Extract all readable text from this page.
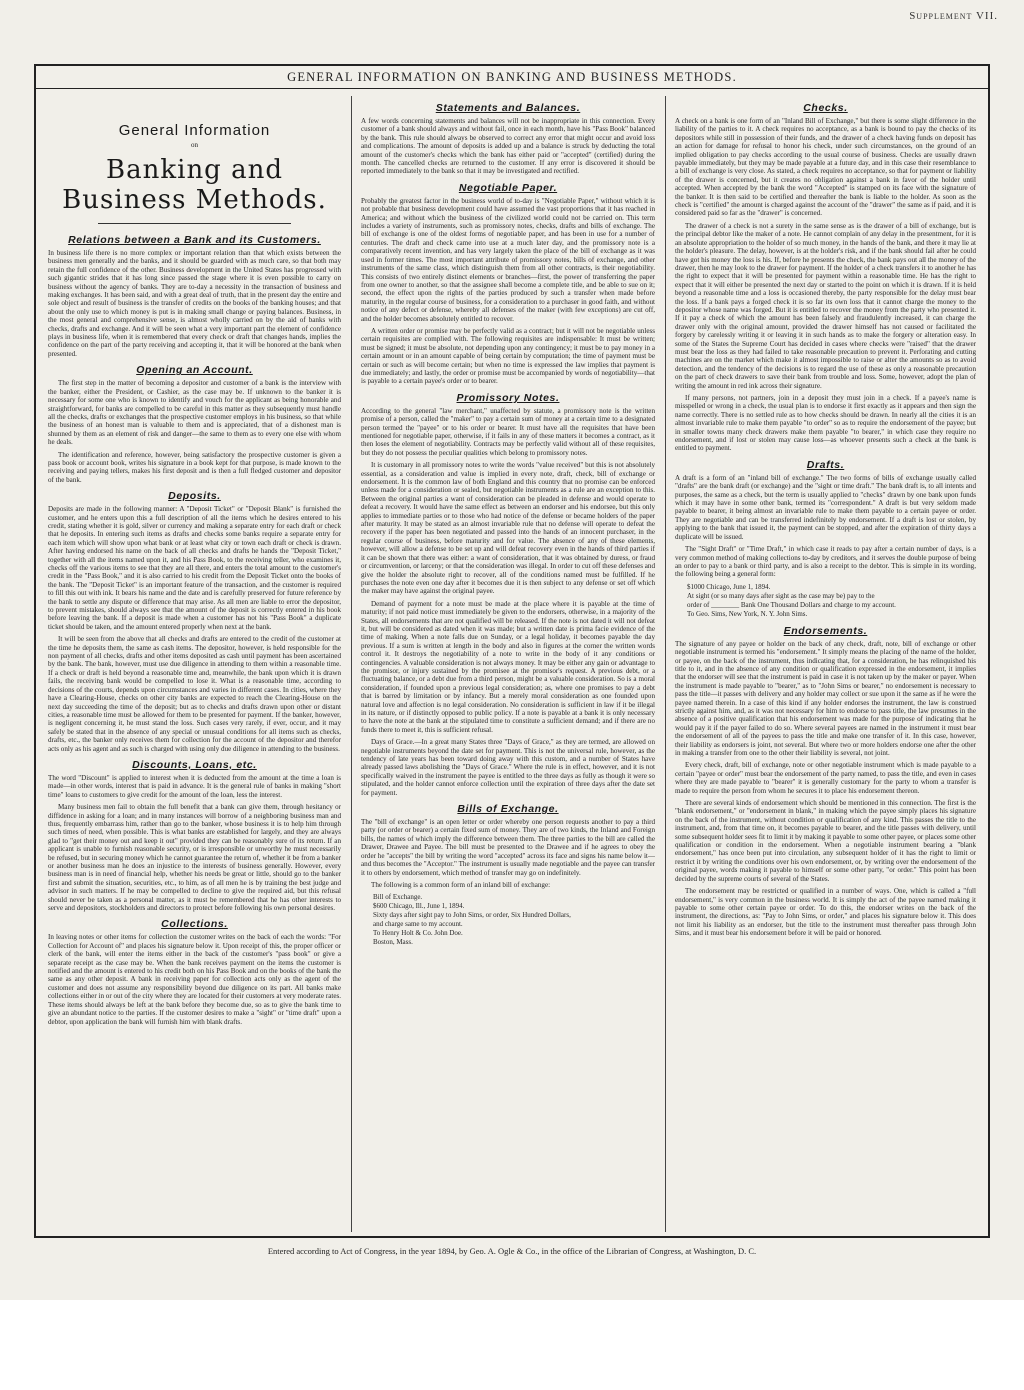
Supplement VII.
GENERAL INFORMATION ON BANKING AND BUSINESS METHODS.
General Information
on
Banking and Business Methods.
Relations between a Bank and its Customers.

In business life there is no more complex or important relation than that which exists between the business men generally and the banks, and it should be guarded with as much care, so that both may retain the full confidence of the other. Business development in the United States has progressed with such gigantic strides that it has long since passed the stage where it is even possible to carry on business without the agency of banks. They are to-day a necessity in the transaction of business and making exchanges. It has been said, and with a great deal of truth, that in the present day the entire and sole object and result of business is the transfer of credits on the books of the banking houses; and that about the only use to which money is put is in making small change or paying balances. Business, in the most general and comprehensive sense, is almost wholly carried on by the aid of banks with checks, drafts and exchange. And it will be seen what a very important part the element of confidence plays in business life, when it is remembered that every check or draft that changes hands, implies the confidence on the part of the party receiving and accepting it, that it will be honored at the bank when presented.

Opening an Account.

The first step in the matter of becoming a depositor and customer of a bank is the interview with the banker, either the President, or Cashier, as the case may be. If unknown to the banker it is necessary for some one who is known to identify and vouch for the applicant as being honorable and straightforward, for banks are compelled to be careful in this matter as they subsequently must handle all the checks, drafts or exchanges that the prospective customer employs in his business, so that while the business of an honest man is valuable to them and is appreciated, that of a dishonest man is shunned by them as an element of risk and danger—the same to them as to every one else with whom he deals.

The identification and reference, however, being satisfactory the prospective customer is given a pass book or account book, writes his signature in a book kept for that purpose, is made known to the receiving and paying tellers, makes his first deposit and is then a full fledged customer and depositor of the bank.

Deposits.

Deposits are made in the following manner: A "Deposit Ticket" or "Deposit Blank" is furnished the customer, and he enters upon this a full description of all the items which he desires entered to his credit, stating whether it is gold, silver or currency and making a separate entry for each draft or check that he deposits. In entering such items as drafts and checks some banks require a separate entry for each item which will show upon what bank or at least what city or town each draft or check is drawn. After having endorsed his name on the back of all checks and drafts he hands the "Deposit Ticket," together with all the items named upon it, and his Pass Book, to the receiving teller, who examines it, checks off the various items to see that they are all there, and enters the total amount to the customer's credit in the "Pass Book," and it is also carried to his credit from the Deposit Ticket onto the books of the bank. The "Deposit Ticket" is an important feature of the transaction, and the customer is required to fill this out with ink. It bears his name and the date and is carefully preserved for future reference by the bank to settle any dispute or difference that may arise. As all men are liable to error the depositor, to prevent mistakes, should always see that the amount of the deposit is correctly entered in his book before leaving the bank. If a deposit is made when a customer has not his "Pass Book" a duplicate ticket should be taken, and the amount entered properly when next at the bank.

It will be seen from the above that all checks and drafts are entered to the credit of the customer at the time he deposits them, the same as cash items. The depositor, however, is held responsible for the non payment of all checks, drafts and other items deposited as cash until payment has been ascertained by the bank. The bank, however, must use due diligence in attending to them within a reasonable time. If a check or draft is held beyond a reasonable time and, meanwhile, the bank upon which it is drawn fails, the receiving bank would be compelled to lose it. What is a reasonable time, according to decisions of the courts, depends upon circumstances and varies in different cases. In cities, where they have a Clearing-House, checks on other city banks are expected to reach the Clearing-House on the next day succeeding the time of the deposit; but as to checks and drafts drawn upon other or distant cities, a reasonable time must be allowed for them to be presented for payment. If the banker, however, is negligent concerning it, he must stand the loss. Such cases very rarely, if ever, occur, and it may safely be stated that in the absence of any special or unusual conditions for all items such as checks, drafts, etc., the banker only receives them for collection for the account of the depositor and therefor acts only as his agent and as such is charged with using only due diligence in attending to the business.

Discounts, Loans, etc.

The word "Discount" is applied to interest when it is deducted from the amount at the time a loan is made—in other words, interest that is paid in advance. It is the general rule of banks in making "short time" loans to customers to give credit for the amount of the loan, less the interest.

Many business men fail to obtain the full benefit that a bank can give them, through hesitancy or diffidence in asking for a loan; and in many instances will borrow of a neighboring business man and thus, frequently embarrass him, rather than go to the banker, whose business it is to help him through such times of need, when possible. This is what banks are established for largely, and they are always glad to "get their money out and keep it out" provided they can be reasonably sure of its return. If an applicant is unable to furnish reasonable security, or is irresponsible or unworthy he must necessarily be refused, but in securing money which he cannot guarantee the return of, whether it be from a banker or another business man he does an injustice to the interests of business generally. However, every business man is in need of financial help, whether his needs be great or little, should go to the banker first and submit the situation, securities, etc., to him, as of all men he is by training the best judge and advisor in such matters. If he may be compelled to decline to give the required aid, but this refusal should never be taken as a personal matter, as it must be remembered that he has other interests to serve and depositors, stockholders and directors to protect before following his own personal desires.

Collections.

In leaving notes or other items for collection the customer writes on the back of each the words: "For Collection for Account of" and places his signature below it. Upon receipt of this, the proper officer or clerk of the bank, will enter the items either in the back of the customer's "pass book" or give a separate receipt as the case may be. When the bank receives payment on the items the customer is notified and the amount is entered to his credit both on his Pass Book and on the books of the bank the same as any other deposit. A bank in receiving paper for collection acts only as the agent of the customer and does not assume any responsibility beyond due diligence on its part. All banks make collections either in or out of the city where they are located for their customers at very moderate rates. These items should always be left at the bank before they become due, so as to give the bank time to give an abundant notice to the parties. If the customer desires to make a "sight" or "time draft" upon a debtor, upon application the bank will furnish him with blank drafts.

Statements and Balances.

A few words concerning statements and balances will not be inappropriate in this connection. Every customer of a bank should always and without fail, once in each month, have his "Pass Book" balanced by the bank. This rule should always be observed to correct any error that might occur and avoid loss and complications. The amount of deposits is added up and a balance is struck by deducting the total amount of the customer's checks which the bank has either paid or "accepted" (certified) during the month. The cancelled checks are returned to the customer. If any error is discovered it should be reported immediately to the bank so that it may be investigated and rectified.

Negotiable Paper.

Probably the greatest factor in the business world of to-day is "Negotiable Paper," without which it is not probable that business development could have assumed the vast proportions that it has reached in America; and without which the business of the civilized world could not be carried on. This term includes a variety of instruments, such as promissory notes, checks, drafts and bills of exchange. The bill of exchange is one of the oldest forms of negotiable paper, and has been in use for a number of centuries. The draft and check came into use at a much later day, and the promissory note is a comparatively recent invention, and has very largely taken the place of the bill of exchange as it was used in former times. The most important attribute of promissory notes, bills of exchange, and other instruments of the same class, which distinguish them from all other contracts, is their negotiability. This consists of two entirely distinct elements or branches—first, the power of transferring the paper from one owner to another, so that the assignee shall become a complete title, and be able to sue on it; second, the effect upon the rights of the parties produced by such a transfer when made before maturity, in the regular course of business, for a consideration to a purchaser in good faith, and without notice of any defect or defense, whereby all defenses of the maker (with few exceptions) are cut off, and the holder becomes absolutely entitled to recover.

A written order or promise may be perfectly valid as a contract; but it will not be negotiable unless certain requisites are complied with. The following requisites are indispensable: It must be written; must be signed; it must be absolute, not depending upon any contingency; it must be to pay money in a certain amount or in an amount capable of being certain by computation; the time of payment must be certain or such as will become certain; but when no time is expressed the law implies that payment is due immediately; and lastly, the order or promise must be accompanied by words of negotiability—that is payable to a certain payee's order or to bearer.

Promissory Notes.

According to the general "law merchant," unaffected by statute, a promissory note is the written promise of a person, called the "maker" to pay a certain sum of money at a certain time to a designated person termed the "payee" or to his order or bearer. It must have all the requisites that have been mentioned for negotiable paper, otherwise, if it fails in any of these matters it becomes a contract, as it then loses the element of negotiability. Contracts may be perfectly valid without all of these requisites, but they do not possess the peculiar qualities which belong to promissory notes.

It is customary in all promissory notes to write the words "value received" but this is not absolutely essential, as a consideration and value is implied in every note, draft, check, bill of exchange or endorsement. It is the common law of both England and this country that no promise can be enforced unless made for a consideration or sealed, but negotiable instruments as a rule are an exception to this. Between the original parties a want of consideration can be pleaded in defense and would operate to defeat a recovery. It would have the same effect as between an endorser and his endorsee, but this only applies to immediate parties or to those who had notice of the defense or became holders of the paper after maturity. It may be stated as an almost invariable rule that no defense will operate to defeat the recovery if the paper has been negotiated and passed into the hands of an innocent purchaser, in the regular course of business, before maturity and for value. The absence of any of these elements, however, will allow a defense to be set up and will defeat recovery even in the hands of third parties if it can be shown that there was either: a want of consideration, that it was obtained by duress, or fraud or circumvention, or larceny; or that the consideration was illegal. In order to cut off these defenses and give the holder the absolute right to recover, all of the conditions named must be fulfilled. If he purchases the note even one day after it becomes due it is then subject to any defense or set off which the maker may have against the original payee.

Demand of payment for a note must be made at the place where it is payable at the time of maturity; if not paid notice must immediately be given to the endorsers, otherwise, in a majority of the States, all endorsements that are not qualified will be released. If the note is not dated it will not defeat it, but will be considered as dated when it was made; but a written date is prima facie evidence of the time of making. When a note falls due on Sunday, or a legal holiday, it becomes payable the day previous. If a sum is written at length in the body and also in figures at the corner the written words control it. It destroys the negotiability of a note to write in the body of it any conditions or contingencies. A valuable consideration is not always money. It may be either any gain or advantage to the promisor, or injury sustained by the promisee at the promisor's request. A previous debt, or a fluctuating balance, or a debt due from a third person, might be a valuable consideration. So is a moral consideration, if founded upon a previous legal consideration; as, where one promises to pay a debt that is barred by limitation or by infancy. But a merely moral consideration as one founded upon natural love and affection is no legal consideration. No consideration is sufficient in law if it be illegal in its nature, or if distinctly opposed to public policy. If a note is payable at a bank it is only necessary to have the note at the bank at the stipulated time to constitute a sufficient demand; and if there are no funds there to meet it, this is sufficient refusal.

Days of Grace.—In a great many States three "Days of Grace," as they are termed, are allowed on negotiable instruments beyond the date set for payment. This is not the universal rule, however, as the tendency of late years has been toward doing away with this custom, and a number of States have already passed laws abolishing the "Days of Grace." Where the rule is in effect, however, and it is not specifically waived in the instrument the payee is entitled to the three days as fully as though it were so stipulated, and the holder cannot enforce collection until the expiration of three days after the date set for payment.

Bills of Exchange.

The "bill of exchange" is an open letter or order whereby one person requests another to pay a third party (or order or bearer) a certain fixed sum of money. They are of two kinds, the Inland and Foreign bills, the names of which imply the difference between them. The three parties to the bill are called the Drawer, Drawee and Payee. The bill must be presented to the Drawee and if he agrees to obey the order he "accepts" the bill by writing the word "accepted" across its face and signs his name below it—and thus becomes the "Acceptor." The instrument is usually made negotiable and the payee can transfer it to others by endorsement, which method of transfer may go on indefinitely.

The following is a common form of an inland bill of exchange:

Bill of Exchange.
$600 Chicago, Ill., June 1, 1894.
Sixty days after sight pay to John Sims, or order, Six Hundred Dollars,
and charge same to my account.
To Henry Holt & Co. John Doe.
Boston, Mass.
Checks.

A check on a bank is one form of an "Inland Bill of Exchange," but there is some slight difference in the liability of the parties to it. A check requires no acceptance, as a bank is bound to pay the checks of its depositors while still in possession of their funds, and the drawer of a check having funds on deposit has an action for damage for refusal to honor his check, under such circumstances, on the ground of an implied obligation to pay checks according to the usual course of business. Checks are usually drawn payable immediately, but they may be made payable at a future day, and in this case their resemblance to a bill of exchange is very close. As stated, a check requires no acceptance, so that for payment or liability of the drawer is concerned, but it creates no obligation against a bank in favor of the holder until accepted. When accepted by the bank the word "Accepted" is stamped on its face with the signature of the banker. It is then said to be certified and thereafter the bank is liable to the holder. As soon as the check is "certified" the amount is charged against the account of the "drawer" the same as if paid, and it is considered paid so far as the "drawer" is concerned.

The drawer of a check is not a surety in the same sense as is the drawer of a bill of exchange, but is the principal debtor like the maker of a note. He cannot complain of any delay in the presentment, for it is an absolute appropriation to the holder of so much money, in the hands of the bank, and there it may lie at the holder's pleasure. The delay, however, is at the holder's risk, and if the bank should fail after he could have got his money the loss is his. If, before he presents the check, the bank pays out all the money of the drawer, then he may look to the drawer for payment. If the holder of a check transfers it to another he has the right to expect that it will be presented for payment within a reasonable time. He has the right to expect that it will either be presented the next day or started to the point on which it is drawn. If it is held beyond a reasonable time and a loss is occasioned thereby, the party responsible for the delay must bear the loss. If a bank pays a forged check it is so far its own loss that it cannot charge the money to the depositor whose name was forged. But it is entitled to recover the money from the party who presented it. If it pay a check of which the amount has been falsely and fraudulently increased, it can charge the drawer only with the original amount, provided the drawer himself has not caused or facilitated the forgery by carelessly writing it or leaving it in such hands as to make the forgery or alteration easy. In some of the States the Supreme Court has decided in cases where checks were "raised" that the drawer must bear the loss as they had failed to take reasonable precaution to prevent it. Perforating and cutting machines are on the market which make it almost impossible to raise or alter the amounts so as to avoid detection, and the tendency of the decisions is to regard the use of these as only a reasonable precaution on the part of check drawers to save their bank from trouble and loss. Some, however, adopt the plan of writing the amount in red ink across their signature.

If many persons, not partners, join in a deposit they must join in a check. If a payee's name is misspelled or wrong in a check, the usual plan is to endorse it first exactly as it appears and then sign the name correctly. There is no settled rule as to how checks should be drawn. In nearly all the cities it is an almost invariable rule to make them payable "to order" so as to require the endorsement of the payee; but in smaller towns many check drawers make them payable "to bearer," in which case they require no endorsement, and if lost or stolen may cause loss—as whoever presents such a check at the bank is entitled to payment.

Drafts.

A draft is a form of an "inland bill of exchange." The two forms of bills of exchange usually called "drafts" are the bank draft (or exchange) and the "sight or time draft." The bank draft is, to all intents and purposes, the same as a check, but the term is usually applied to "checks" drawn by one bank upon funds which it may have in some other bank, termed its "correspondent." A draft is but very seldom made payable to bearer, it being almost an invariable rule to make them payable to a certain payee or order. They are negotiable and can be transferred indefinitely by endorsement. If a draft is lost or stolen, by applying to the bank that issued it, the payment can be stopped, and after the expiration of thirty days a duplicate will be issued.

The "Sight Draft" or "Time Draft," in which case it reads to pay after a certain number of days, is a very common method of making collections to-day by creditors, and it serves the double purpose of being an order to pay to a bank or third party, and is also a receipt to the debtor. This is simple in its wording, the following being a general form:

$1000 Chicago, June 1, 1894.
At sight (or so many days after sight as the case may be) pay to the
order of ________ Bank One Thousand Dollars and charge to my account.
To Geo. Sims, New York, N. Y. John Sims.
Endorsements.

The signature of any payee or holder on the back of any check, draft, note, bill of exchange or other negotiable instrument is termed his "endorsement." It simply means the placing of the name of the holder, or payee, on the back of the instrument, thus indicating that, for a consideration, he has relinquished his title to it, and in the absence of any condition or qualification expressed in the endorsement, it implies that the endorser will see that the instrument is paid in case it is not taken up by the maker or payer. When the instrument is made payable to "bearer," as to "John Sims or bearer," no endorsement is necessary to pass the title—it passes with delivery and any holder may collect or sue upon it the same as if he were the payee named therein. In a case of this kind if any holder endorses the instrument, the law is construed strictly against him, and, as it was not necessary for him to endorse to pass title, the law presumes in the absence of a positive qualification that his endorsement was made for the purpose of indicating that he would pay it if the payer failed to do so. Where several payees are named in the instrument it must bear the endorsement of all of the payees to pass the title and make one transfer of it. In this case, however, their liability as endorsers is joint, not several. But where two or more holders endorse one after the other in making a transfer from one to the other their liability is several, not joint.

Every check, draft, bill of exchange, note or other negotiable instrument which is made payable to a certain "payee or order" must bear the endorsement of the party named, to pass the title, and even in cases where they are made payable to "bearer" it is generally customary for the party to whom a transfer is made to require the person from whom he secures it to place his endorsement thereon.

There are several kinds of endorsement which should be mentioned in this connection. The first is the "blank endorsement," or "endorsement in blank," in making which the payee simply places his signature on the back of the instrument, without condition or qualification of any kind. This passes the title to the instrument, and, from that time on, it becomes payable to bearer, and the title passes with delivery, until some subsequent holder sees fit to limit it by making it payable to some other payee, or places some other qualification or condition in the endorsement. When a negotiable instrument bearing a "blank endorsement," has once been put into circulation, any subsequent holder of it has the right to limit or restrict it by writing the conditions over his own endorsement, or, by writing over the endorsement of the original payee, words making it payable to himself or some other party, "or order." This point has been decided by the supreme courts of several of the States.

The endorsement may be restricted or qualified in a number of ways. One, which is called a "full endorsement," is very common in the business world. It is simply the act of the payee named making it payable to some other certain payee or order. To do this, the endorser writes on the back of the instrument, the directions, as: "Pay to John Sims, or order," and places his signature below it. This does not limit his liability as an endorser, but the title to the instrument must thereafter pass through John Sims, and it must bear his endorsement before it will be paid or honored.

Entered according to Act of Congress, in the year 1894, by Geo. A. Ogle & Co., in the office of the Librarian of Congress, at Washington, D. C.
